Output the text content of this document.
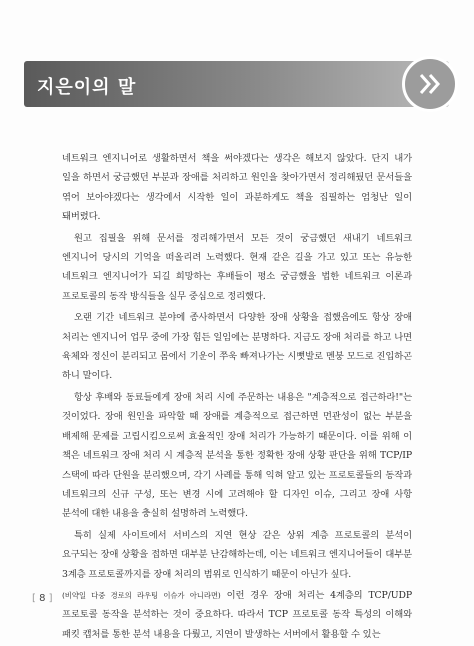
지은이의 말

네트워크 엔지니어로 생활하면서 책을 써야겠다는 생각은 해보지 않았다. 단지 내가 일을 하면서 궁금했던 부분과 장애를 처리하고 원인을 찾아가면서 정리해뒀던 문서들을 엮어 보아야겠다는 생각에서 시작한 일이 과분하게도 책을 집필하는 엄청난 일이 돼버렸다.

원고 집필을 위해 문서를 정리해가면서 모든 것이 궁금했던 새내기 네트워크 엔지니어 당시의 기억을 떠올리려 노력했다. 현재 같은 길을 가고 있고 또는 유능한 네트워크 엔지니어가 되길 희망하는 후배들이 평소 궁금했을 법한 네트워크 이론과 프로토콜의 동작 방식들을 실무 중심으로 정리했다.

오랜 기간 네트워크 분야에 종사하면서 다양한 장애 상황을 접했음에도 항상 장애 처리는 엔지니어 업무 중에 가장 힘든 일임에는 분명하다. 지금도 장애 처리를 하고 나면 육체와 정신이 분리되고 몸에서 기운이 쭈욱 빠져나가는 시뻣발로 멘붕 모드로 진입하곤 하니 말이다.

항상 후배와 동료들에게 장애 처리 시에 주문하는 내용은 "계층적으로 접근하라!"는 것이었다. 장애 원인을 파악할 때 장애를 계층적으로 접근하면 먼관성이 없는 부분을 배제해 문제를 고립시킴으로써 효율적인 장애 처리가 가능하기 때문이다. 이를 위해 이 책은 네트워크 장애 처리 시 계층적 분석을 통한 정확한 장애 상황 판단을 위해 TCP/IP 스택에 따라 단원을 분리했으며, 각기 사례를 통해 익혀 알고 있는 프로토콜들의 동작과 네트워크의 신규 구성, 또는 변경 시에 고려해야 할 디자인 이슈, 그리고 장애 사항 분석에 대한 내용을 충실히 설명하려 노력했다.

특히 실제 사이트에서 서비스의 지연 현상 같은 상위 계층 프로토콜의 분석이 요구되는 장애 상황을 접하면 대부분 난감해하는데, 이는 네트워크 엔지니어들이 대부분 3계층 프로토콜까지를 장애 처리의 범위로 인식하기 때문이 아닌가 싶다.

(비약일 다중 경로의 라우팅 이슈가 아니라면) 이런 경우 장애 처리는 4계층의 TCP/UDP 프로토콜 동작을 분석하는 것이 중요하다. 따라서 TCP 프로토콜 동작 특성의 이해와 패킷 캡처를 통한 분석 내용을 다뤘고, 지연이 발생하는 서버에서 활용할 수 있는

[ 8 ]
